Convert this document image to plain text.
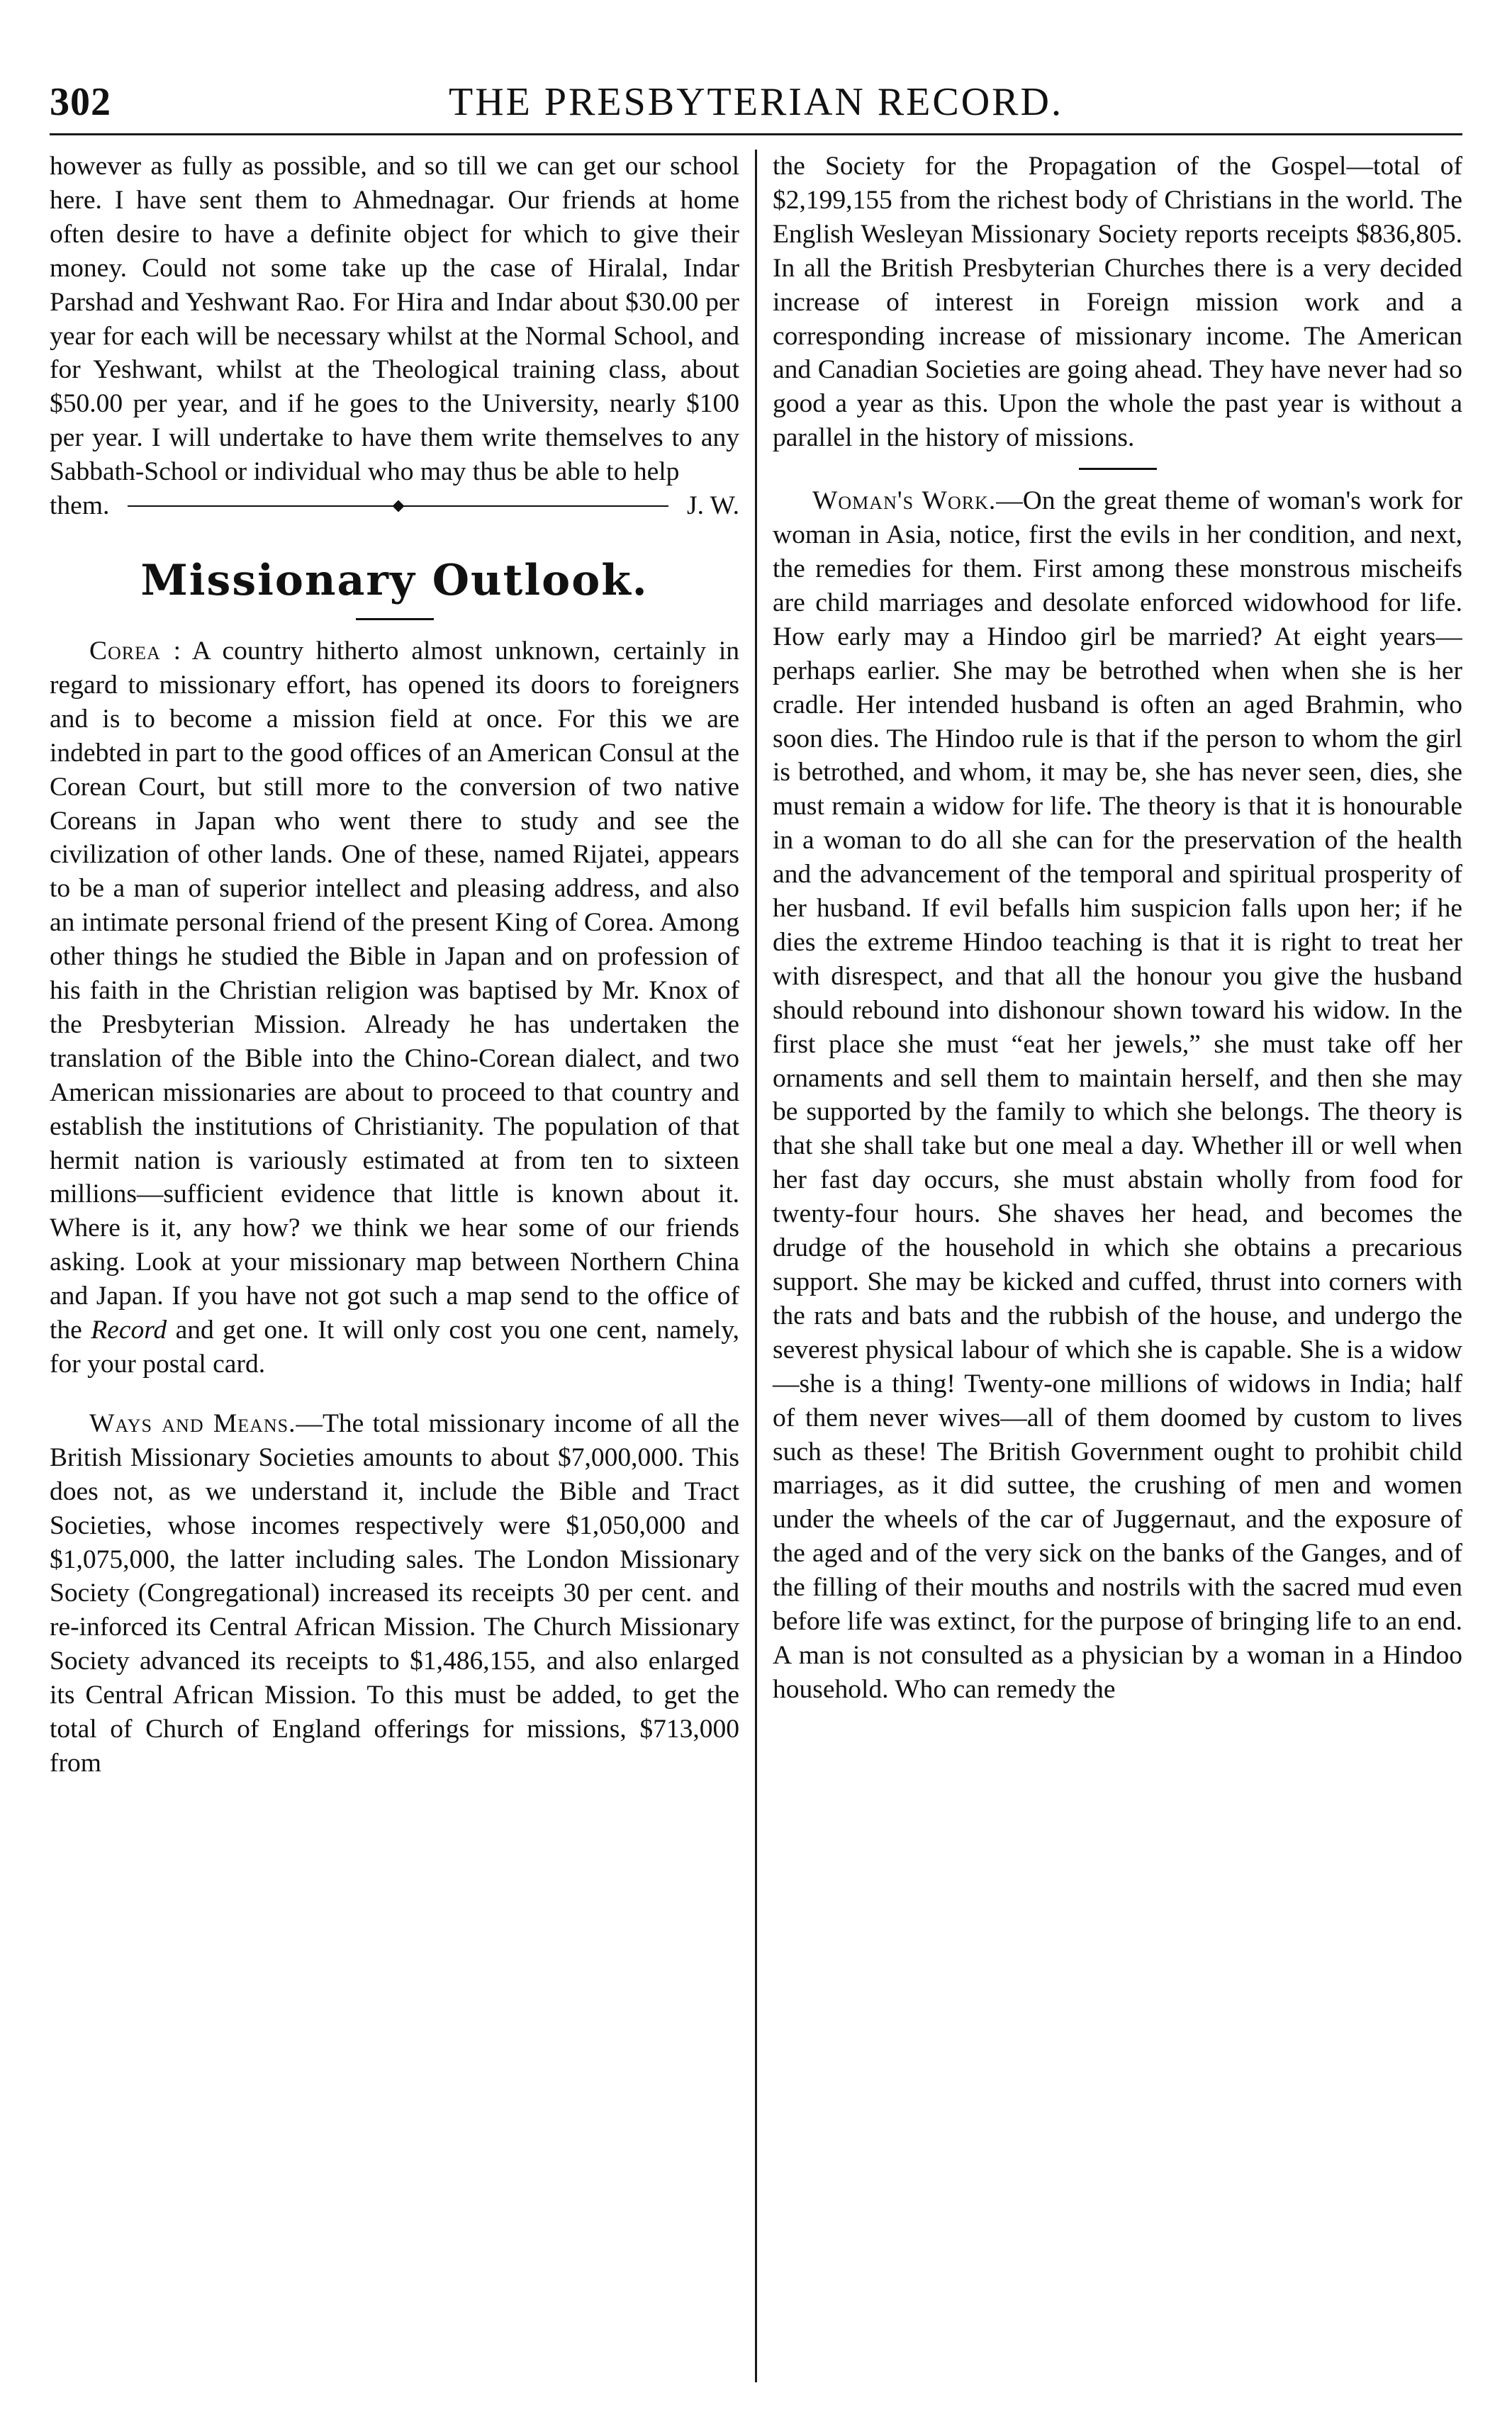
302	THE PRESBYTERIAN RECORD.

however as fully as possible, and so till we can get our school here. I have sent them to Ahmednagar. Our friends at home often desire to have a definite object for which to give their money. Could not some take up the case of Hiralal, Indar Parshad and Yeshwant Rao. For Hira and Indar about $30.00 per year for each will be necessary whilst at the Normal School, and for Yeshwant, whilst at the Theological training class, about $50.00 per year, and if he goes to the University, nearly $100 per year. I will undertake to have them write themselves to any Sabbath-School or individual who may thus be able to help

them.	J. W.
Missionary Outlook.

Corea : A country hitherto almost unknown, certainly in regard to missionary effort, has opened its doors to foreigners and is to become a mission field at once. For this we are indebted in part to the good offices of an American Consul at the Corean Court, but still more to the conversion of two native Coreans in Japan who went there to study and see the civilization of other lands. One of these, named Rijatei, appears to be a man of superior intellect and pleasing address, and also an intimate personal friend of the present King of Corea. Among other things he studied the Bible in Japan and on profession of his faith in the Christian religion was baptised by Mr. Knox of the Presbyterian Mission. Already he has undertaken the translation of the Bible into the Chino-Corean dialect, and two American missionaries are about to proceed to that country and establish the institutions of Christianity. The population of that hermit nation is variously estimated at from ten to sixteen millions—sufficient evidence that little is known about it. Where is it, any how? we think we hear some of our friends asking. Look at your missionary map between Northern China and Japan. If you have not got such a map send to the office of the Record and get one. It will only cost you one cent, namely, for your postal card.

Ways and Means.—The total missionary income of all the British Missionary Societies amounts to about $7,000,000. This does not, as we understand it, include the Bible and Tract Societies, whose incomes respectively were $1,050,000 and $1,075,000, the latter including sales. The London Missionary Society (Congregational) increased its receipts 30 per cent. and re-inforced its Central African Mission. The Church Missionary Society advanced its receipts to $1,486,155, and also enlarged its Central African Mission. To this must be added, to get the total of Church of England offerings for missions, $713,000 from

the Society for the Propagation of the Gospel—total of $2,199,155 from the richest body of Christians in the world. The English Wesleyan Missionary Society reports receipts $836,805. In all the British Presbyterian Churches there is a very decided increase of interest in Foreign mission work and a corresponding increase of missionary income. The American and Canadian Societies are going ahead. They have never had so good a year as this. Upon the whole the past year is without a parallel in the history of missions.

Woman's Work.—On the great theme of woman's work for woman in Asia, notice, first the evils in her condition, and next, the remedies for them. First among these monstrous mischeifs are child marriages and desolate enforced widowhood for life. How early may a Hindoo girl be married? At eight years—perhaps earlier. She may be betrothed when when she is her cradle. Her intended husband is often an aged Brahmin, who soon dies. The Hindoo rule is that if the person to whom the girl is betrothed, and whom, it may be, she has never seen, dies, she must remain a widow for life. The theory is that it is honourable in a woman to do all she can for the preservation of the health and the advancement of the temporal and spiritual prosperity of her husband. If evil befalls him suspicion falls upon her; if he dies the extreme Hindoo teaching is that it is right to treat her with disrespect, and that all the honour you give the husband should rebound into dishonour shown toward his widow. In the first place she must “eat her jewels,” she must take off her ornaments and sell them to maintain herself, and then she may be supported by the family to which she belongs. The theory is that she shall take but one meal a day. Whether ill or well when her fast day occurs, she must abstain wholly from food for twenty-four hours. She shaves her head, and becomes the drudge of the household in which she obtains a precarious support. She may be kicked and cuffed, thrust into corners with the rats and bats and the rubbish of the house, and undergo the severest physical labour of which she is capable. She is a widow—she is a thing! Twenty-one millions of widows in India; half of them never wives—all of them doomed by custom to lives such as these! The British Government ought to prohibit child marriages, as it did suttee, the crushing of men and women under the wheels of the car of Juggernaut, and the exposure of the aged and of the very sick on the banks of the Ganges, and of the filling of their mouths and nostrils with the sacred mud even before life was extinct, for the purpose of bringing life to an end. A man is not consulted as a physician by a woman in a Hindoo household. Who can remedy the
